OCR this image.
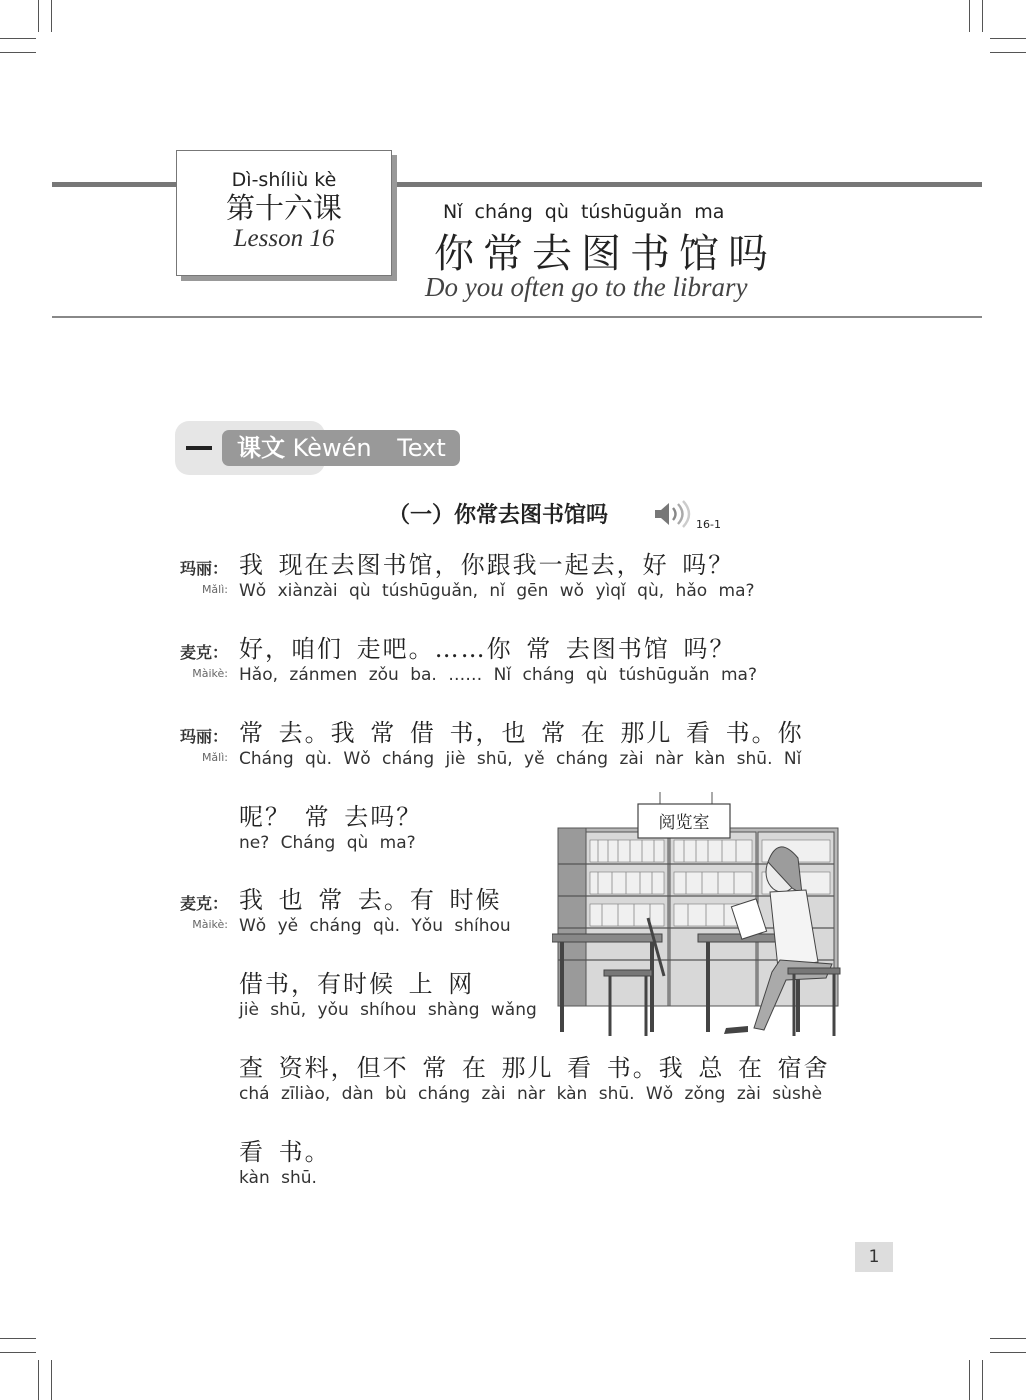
Dì-shíliù kè
第十六课
Lesson 16
Nǐ cháng qù túshūguǎn ma
你常去图书馆吗
Do you often go to the library
课文 Kèwén Text
（一）你常去图书馆吗	16-1
玛丽：
Mǎlì:
我 现在去图书馆，你跟我一起去，好 吗？
Wǒ xiànzài qù túshūguǎn, nǐ gēn wǒ yìqǐ qù, hǎo ma?
麦克：
Màikè:
好，咱们 走吧。……你 常 去图书馆 吗？
Hǎo, zánmen zǒu ba. …… Nǐ cháng qù túshūguǎn ma?
玛丽：
Mǎlì:
常 去。我 常 借 书，也 常 在 那儿 看 书。你
Cháng qù. Wǒ cháng jiè shū, yě cháng zài nàr kàn shū. Nǐ
呢？ 常 去吗？
ne? Cháng qù ma?
麦克：
Màikè:
我 也 常 去。有 时候
Wǒ yě cháng qù. Yǒu shíhou
借书，有时候 上 网
jiè shū, yǒu shíhou shàng wǎng
查 资料，但不 常 在 那儿 看 书。我 总 在 宿舍
chá zīliào, dàn bù cháng zài nàr kàn shū. Wǒ zǒng zài sùshè
看 书。
kàn shū.
阅览室
1
